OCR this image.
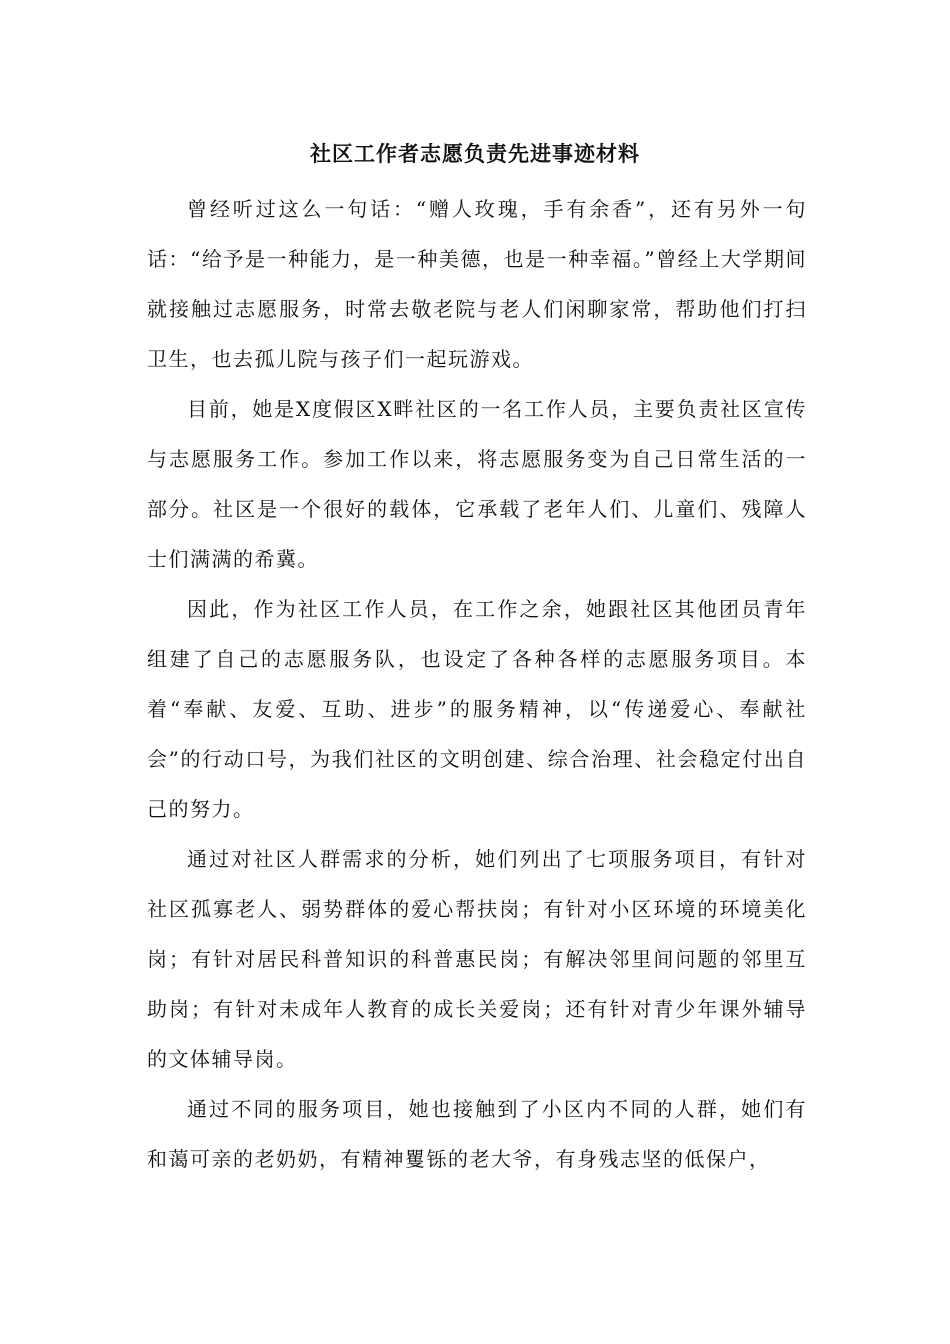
社区工作者志愿负责先进事迹材料

曾经听过这么一句话：“赠人玫瑰，手有余香”，还有另外一句话：“给予是一种能力，是一种美德，也是一种幸福。”曾经上大学期间就接触过志愿服务，时常去敬老院与老人们闲聊家常，帮助他们打扫卫生，也去孤儿院与孩子们一起玩游戏。

目前，她是X度假区X畔社区的一名工作人员，主要负责社区宣传与志愿服务工作。参加工作以来，将志愿服务变为自己日常生活的一部分。社区是一个很好的载体，它承载了老年人们、儿童们、残障人士们满满的希冀。

因此，作为社区工作人员，在工作之余，她跟社区其他团员青年组建了自己的志愿服务队，也设定了各种各样的志愿服务项目。本着“奉献、友爱、互助、进步”的服务精神，以“传递爱心、奉献社会”的行动口号，为我们社区的文明创建、综合治理、社会稳定付出自己的努力。

通过对社区人群需求的分析，她们列出了七项服务项目，有针对社区孤寡老人、弱势群体的爱心帮扶岗；有针对小区环境的环境美化岗；有针对居民科普知识的科普惠民岗；有解决邻里间问题的邻里互助岗；有针对未成年人教育的成长关爱岗；还有针对青少年课外辅导的文体辅导岗。

通过不同的服务项目，她也接触到了小区内不同的人群，她们有和蔼可亲的老奶奶，有精神矍铄的老大爷，有身残志坚的低保户，
